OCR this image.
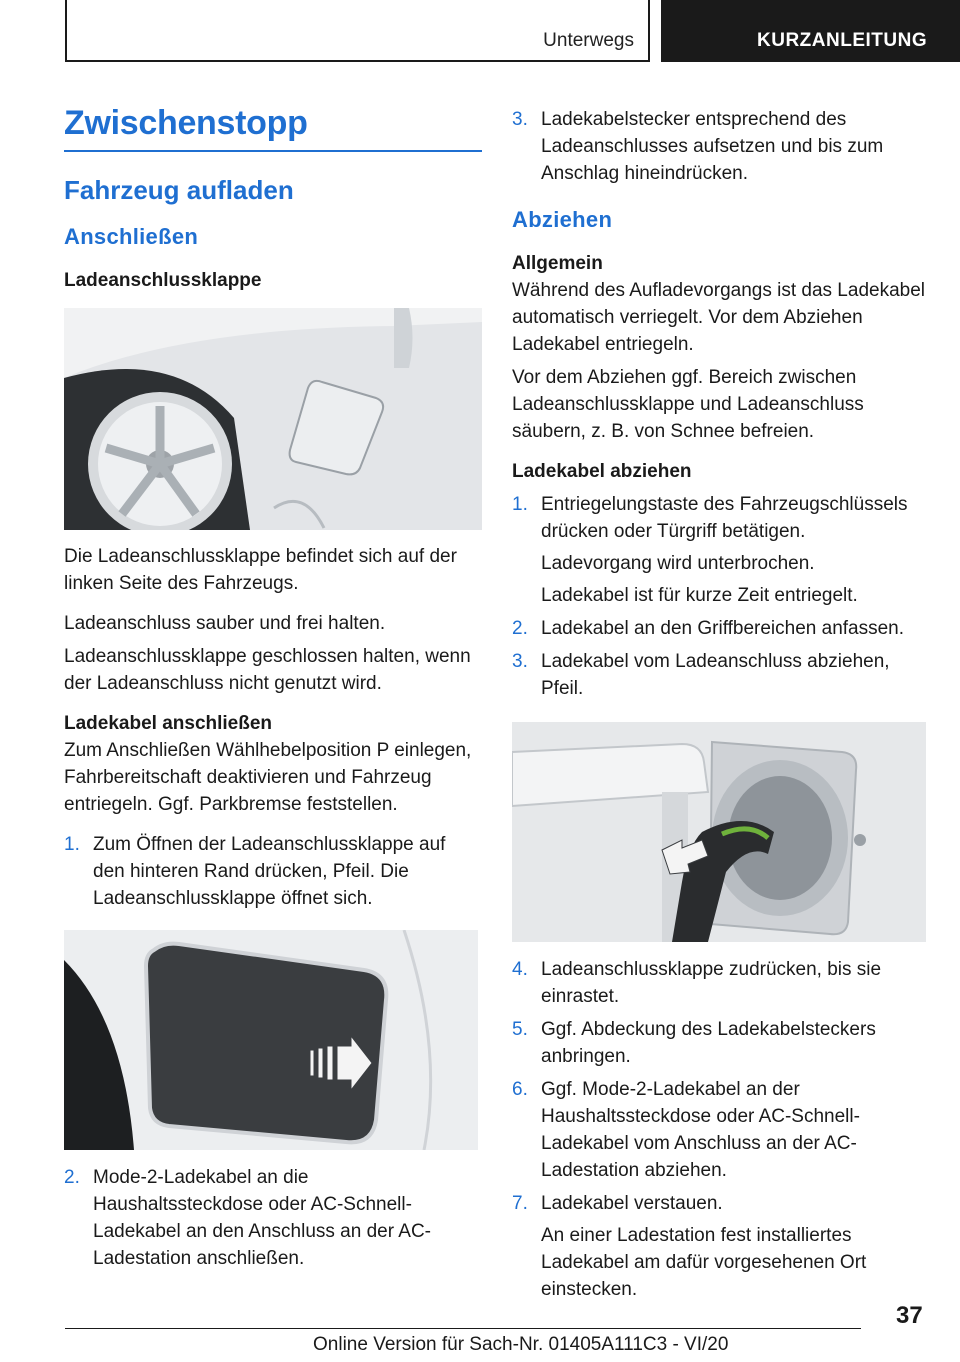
Unterwegs	KURZANLEITUNG
Zwischenstopp
Fahrzeug aufladen
Anschließen

Ladeanschlussklappe

Die Ladeanschlussklappe befindet sich auf der linken Seite des Fahrzeugs.

Ladeanschluss sauber und frei halten.

Ladeanschlussklappe geschlossen halten, wenn der Ladeanschluss nicht genutzt wird.

Ladekabel anschließen

Zum Anschließen Wählhebelposition P einlegen, Fahrbereitschaft deaktivieren und Fahrzeug entriegeln. Ggf. Parkbremse feststellen.

1. Zum Öffnen der Ladeanschlussklappe auf den hinteren Rand drücken, Pfeil. Die Ladeanschlussklappe öffnet sich.
2. Mode-2-Ladekabel an die Haushaltssteckdose oder AC-Schnell-Ladekabel an den Anschluss an der AC-Ladestation anschließen.
3. Ladekabelstecker entsprechend des Ladeanschlusses aufsetzen und bis zum Anschlag hineindrücken.
Abziehen

Allgemein

Während des Aufladevorgangs ist das Ladekabel automatisch verriegelt. Vor dem Abziehen Ladekabel entriegeln.

Vor dem Abziehen ggf. Bereich zwischen Ladeanschlussklappe und Ladeanschluss säubern, z. B. von Schnee befreien.

Ladekabel abziehen

1. Entriegelungstaste des Fahrzeugschlüssels drücken oder Türgriff betätigen.
Ladevorgang wird unterbrochen.
Ladekabel ist für kurze Zeit entriegelt.
2. Ladekabel an den Griffbereichen anfassen.
3. Ladekabel vom Ladeanschluss abziehen, Pfeil.
4. Ladeanschlussklappe zudrücken, bis sie einrastet.
5. Ggf. Abdeckung des Ladekabelsteckers anbringen.
6. Ggf. Mode-2-Ladekabel an der Haushaltssteckdose oder AC-Schnell-Ladekabel vom Anschluss an der AC-Ladestation abziehen.
7. Ladekabel verstauen.
An einer Ladestation fest installiertes Ladekabel am dafür vorgesehenen Ort einstecken.
37
Online Version für Sach-Nr. 01405A111C3 - VI/20
